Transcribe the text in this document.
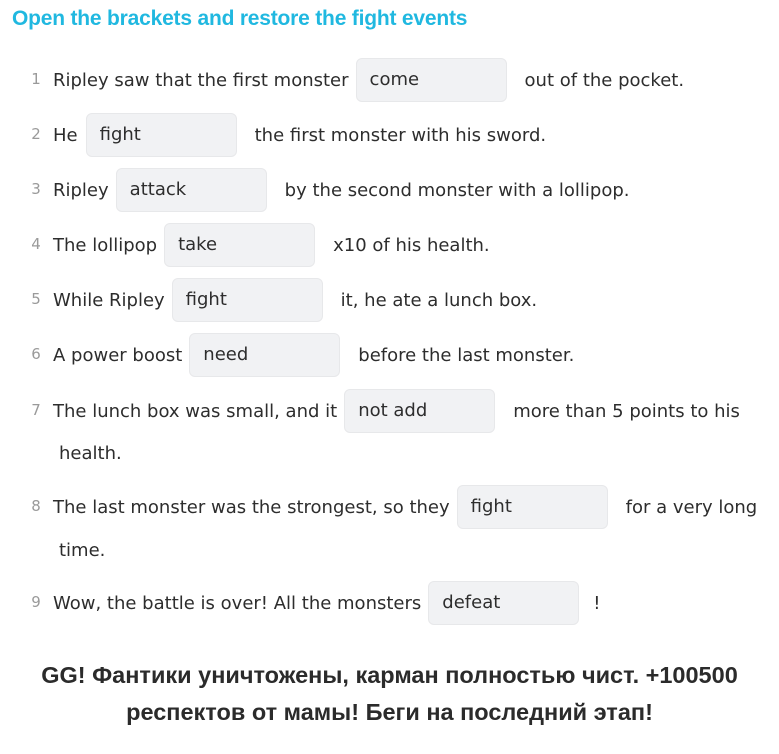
Open the brackets and restore the fight events
1 Ripley saw that the first monster
come	out of the pocket.
2 He
fight	the first monster with his sword.
3 Ripley
attack	by the second monster with a lollipop.
4 The lollipop
take	x10 of his health.
5 While Ripley
fight	it, he ate a lunch box.
6 A power boost
need	before the last monster.
7 The lunch box was small, and it
not add	more than 5 points to his
health.
8 The last monster was the strongest, so they
fight	for a very long
time.
9 Wow, the battle is over! All the monsters
defeat	!
GG! Фантики уничтожены, карман полностью чист. +100500
респектов от мамы! Беги на последний этап!
